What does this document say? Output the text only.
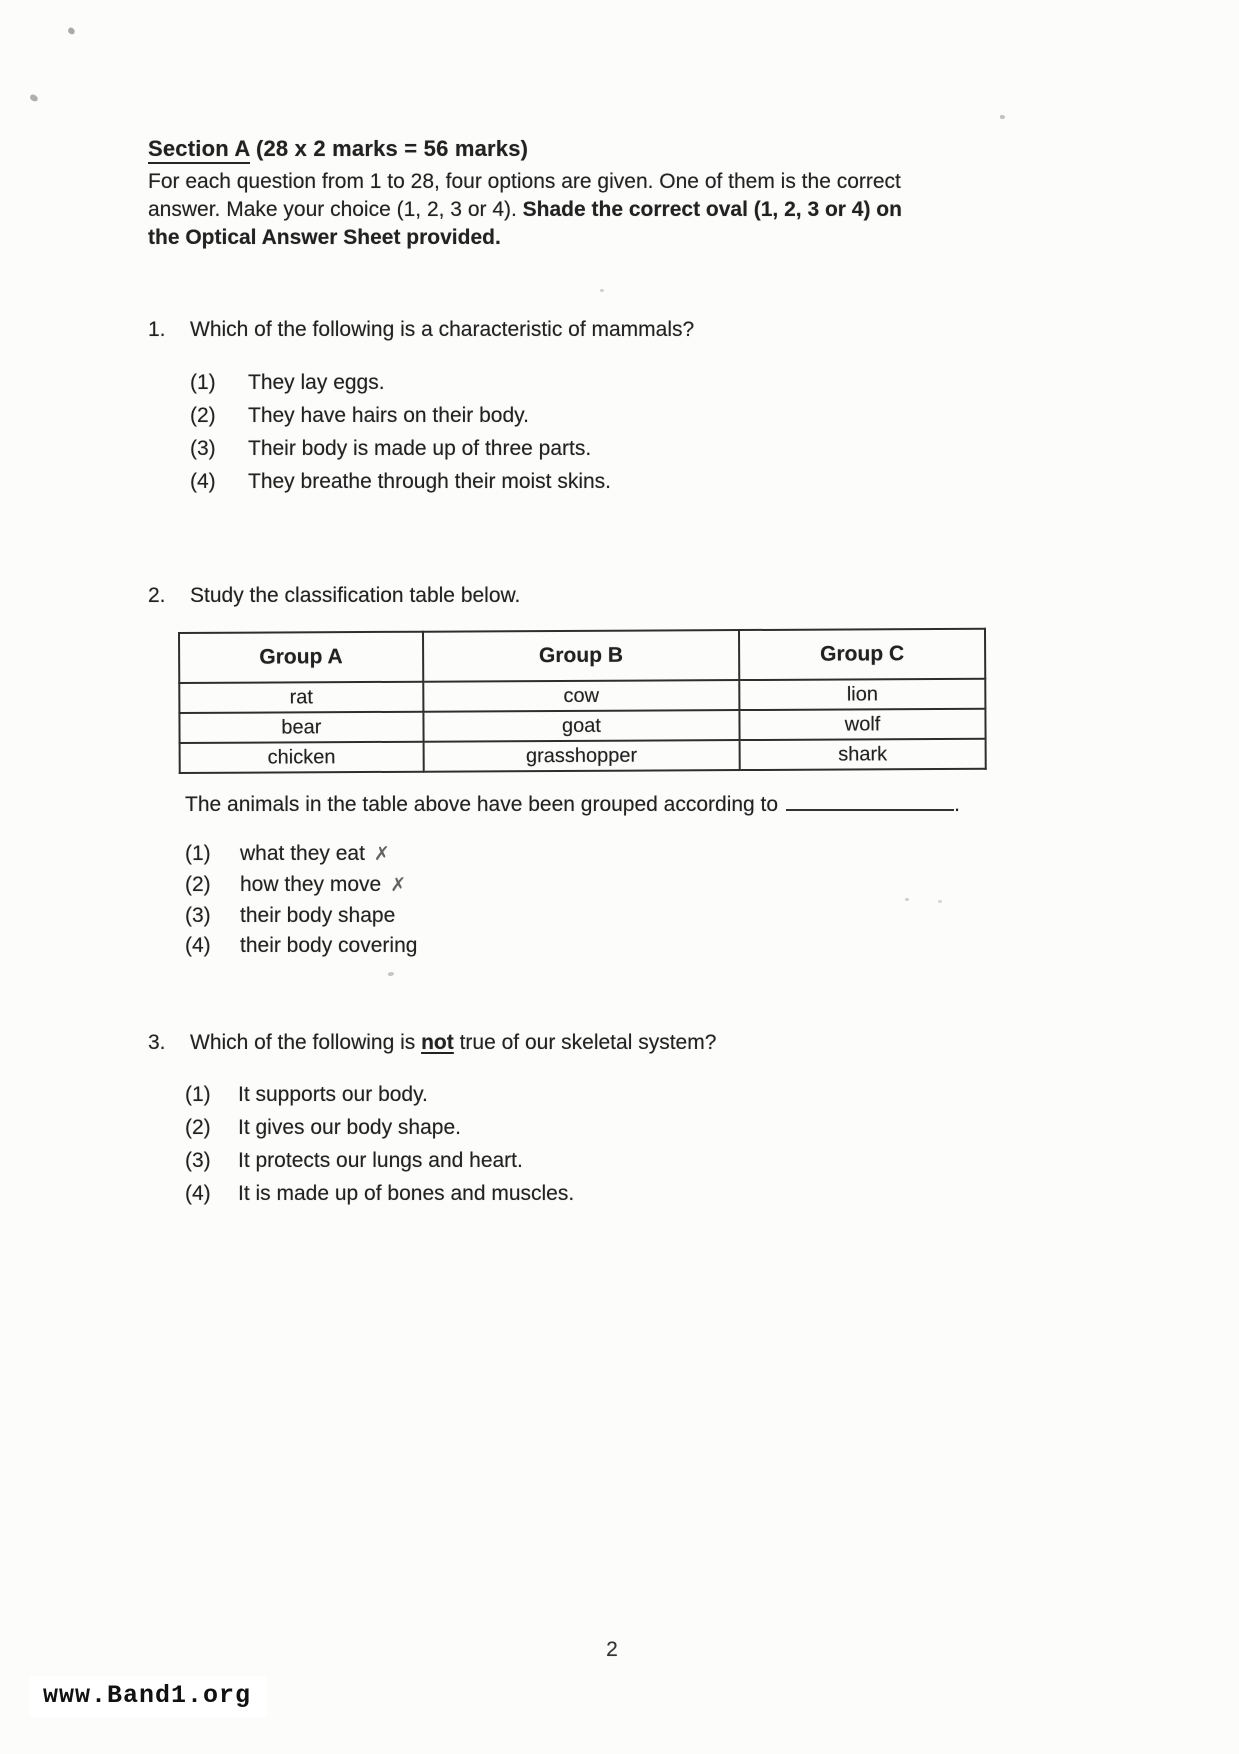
Section A (28 x 2 marks = 56 marks)
For each question from 1 to 28, four options are given. One of them is the correct
answer. Make your choice (1, 2, 3 or 4). Shade the correct oval (1, 2, 3 or 4) on
the Optical Answer Sheet provided.
1. Which of the following is a characteristic of mammals?
(1) They lay eggs.
(2) They have hairs on their body.
(3) Their body is made up of three parts.
(4) They breathe through their moist skins.
2. Study the classification table below.
Group A	Group B	Group C
rat	cow	lion
bear	goat	wolf
chicken	grasshopper	shark
The animals in the table above have been grouped according to	.
(1) what they eat ✗
(2) how they move ✗
(3) their body shape
(4) their body covering
3. Which of the following is not true of our skeletal system?
(1) It supports our body.
(2) It gives our body shape.
(3) It protects our lungs and heart.
(4) It is made up of bones and muscles.
2
www.Band1.org
